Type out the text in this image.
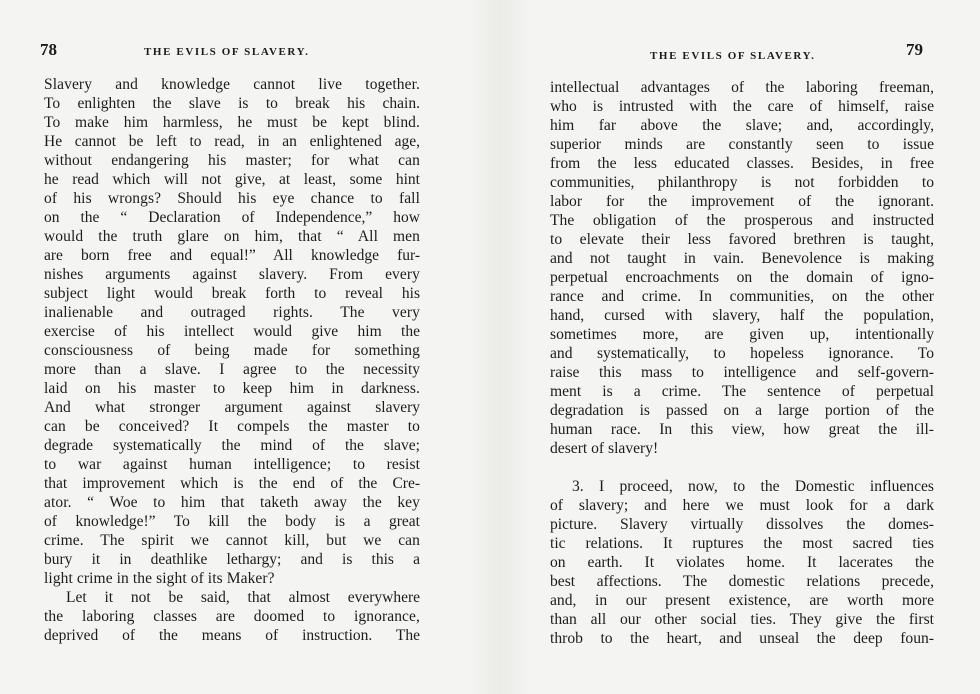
78	THE EVILS OF SLAVERY.
Slavery and knowledge cannot live together.
To enlighten the slave is to break his chain.
To make him harmless, he must be kept blind.
He cannot be left to read, in an enlightened age,
without endangering his master; for what can
he read which will not give, at least, some hint
of his wrongs? Should his eye chance to fall
on the “ Declaration of Independence,” how
would the truth glare on him, that “ All men
are born free and equal!” All knowledge fur-
nishes arguments against slavery. From every
subject light would break forth to reveal his
inalienable and outraged rights. The very
exercise of his intellect would give him the
consciousness of being made for something
more than a slave. I agree to the necessity
laid on his master to keep him in darkness.
And what stronger argument against slavery
can be conceived? It compels the master to
degrade systematically the mind of the slave;
to war against human intelligence; to resist
that improvement which is the end of the Cre-
ator. “ Woe to him that taketh away the key
of knowledge!” To kill the body is a great
crime. The spirit we cannot kill, but we can
bury it in deathlike lethargy; and is this a
light crime in the sight of its Maker?
Let it not be said, that almost everywhere
the laboring classes are doomed to ignorance,
deprived of the means of instruction. The
THE EVILS OF SLAVERY.	79
intellectual advantages of the laboring freeman,
who is intrusted with the care of himself, raise
him far above the slave; and, accordingly,
superior minds are constantly seen to issue
from the less educated classes. Besides, in free
communities, philanthropy is not forbidden to
labor for the improvement of the ignorant.
The obligation of the prosperous and instructed
to elevate their less favored brethren is taught,
and not taught in vain. Benevolence is making
perpetual encroachments on the domain of igno-
rance and crime. In communities, on the other
hand, cursed with slavery, half the population,
sometimes more, are given up, intentionally
and systematically, to hopeless ignorance. To
raise this mass to intelligence and self-govern-
ment is a crime. The sentence of perpetual
degradation is passed on a large portion of the
human race. In this view, how great the ill-
desert of slavery!
3. I proceed, now, to the Domestic influences
of slavery; and here we must look for a dark
picture. Slavery virtually dissolves the domes-
tic relations. It ruptures the most sacred ties
on earth. It violates home. It lacerates the
best affections. The domestic relations precede,
and, in our present existence, are worth more
than all our other social ties. They give the first
throb to the heart, and unseal the deep foun-
